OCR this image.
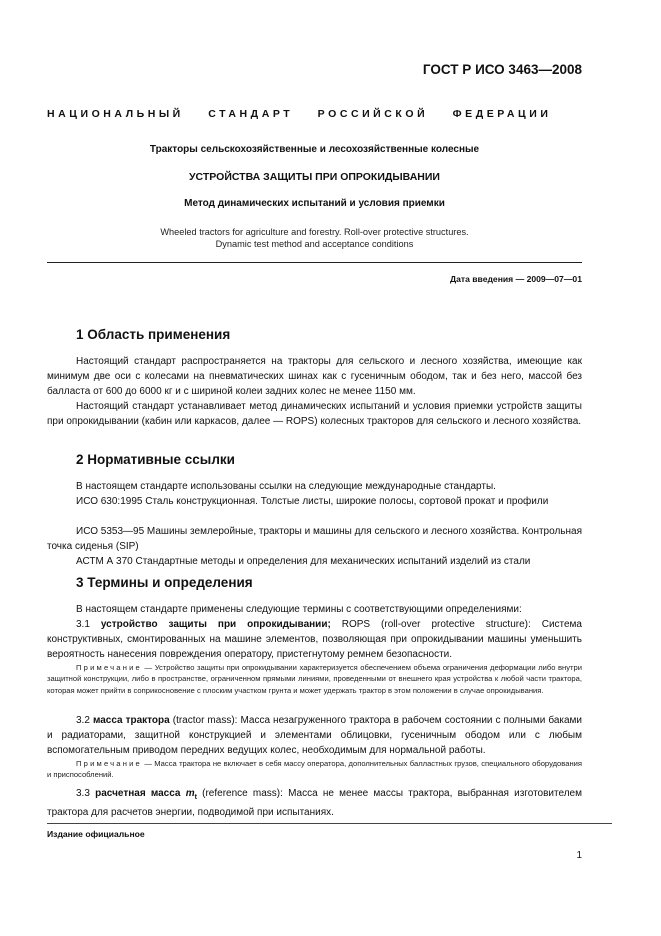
ГОСТ Р ИСО 3463—2008
НАЦИОНАЛЬНЫЙ СТАНДАРТ РОССИЙСКОЙ ФЕДЕРАЦИИ
Тракторы сельскохозяйственные и лесохозяйственные колесные
УСТРОЙСТВА ЗАЩИТЫ ПРИ ОПРОКИДЫВАНИИ
Метод динамических испытаний и условия приемки
Wheeled tractors for agriculture and forestry. Roll-over protective structures.
Dynamic test method and acceptance conditions
Дата введения — 2009—07—01
1 Область применения
Настоящий стандарт распространяется на тракторы для сельского и лесного хозяйства, имеющие как минимум две оси с колесами на пневматических шинах как с гусеничным ободом, так и без него, массой без балласта от 600 до 6000 кг и с шириной колеи задних колес не менее 1150 мм.
Настоящий стандарт устанавливает метод динамических испытаний и условия приемки устройств защиты при опрокидывании (кабин или каркасов, далее — ROPS) колесных тракторов для сельского и лесного хозяйства.
2 Нормативные ссылки
В настоящем стандарте использованы ссылки на следующие международные стандарты.
ИСО 630:1995 Сталь конструкционная. Толстые листы, широкие полосы, сортовой прокат и профили
ИСО 5353—95 Машины землеройные, тракторы и машины для сельского и лесного хозяйства. Контрольная точка сиденья (SIP)
АСТМ А 370 Стандартные методы и определения для механических испытаний изделий из стали
3 Термины и определения
В настоящем стандарте применены следующие термины с соответствующими определениями:
3.1 устройство защиты при опрокидывании; ROPS (roll-over protective structure): Система конструктивных, смонтированных на машине элементов, позволяющая при опрокидывании машины уменьшить вероятность нанесения повреждения оператору, пристегнутому ремнем безопасности.
Примечание — Устройство защиты при опрокидывании характеризуется обеспечением объема ограничения деформации либо внутри защитной конструкции, либо в пространстве, ограниченном прямыми линиями, проведенными от внешнего края устройства к любой части трактора, которая может прийти в соприкосновение с плоским участком грунта и может удержать трактор в этом положении в случае опрокидывания.
3.2 масса трактора (tractor mass): Масса незагруженного трактора в рабочем состоянии с полными баками и радиаторами, защитной конструкцией и элементами облицовки, гусеничным ободом или с любым вспомогательным приводом передних ведущих колес, необходимым для нормальной работы.
Примечание — Масса трактора не включает в себя массу оператора, дополнительных балластных грузов, специального оборудования и приспособлений.
3.3 расчетная масса $m_t$ (reference mass): Масса не менее массы трактора, выбранная изготовителем трактора для расчетов энергии, подводимой при испытаниях.
Издание официальное
1
